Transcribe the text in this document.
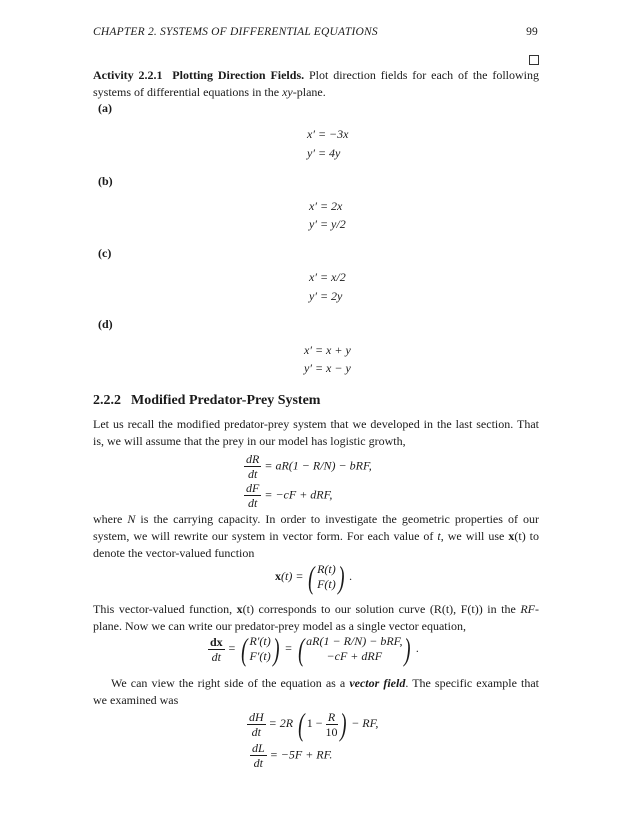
CHAPTER 2. SYSTEMS OF DIFFERENTIAL EQUATIONS	99
Activity 2.2.1 Plotting Direction Fields. Plot direction fields for each of the following
systems of differential equations in the xy-plane.
(a)
x′ = −3x
y′ = 4y
(b)
x′ = 2x
y′ = y/2
(c)
x′ = x/2
y′ = 2y
(d)
x′ = x + y
y′ = x − y
2.2.2 Modified Predator-Prey System
Let us recall the modified predator-prey system that we developed in the last section. That
is, we will assume that the prey in our model has logistic growth,
$\frac{dR}{dt} = aR(1 - R/N)$ − bRF,
$\frac{dF}{dt} = -cF$ + dRF,
where N is the carrying capacity. In order to investigate the geometric properties of our
system, we will rewrite our system in vector form. For each value of t, we will use x(t) to
denote the vector-valued function
x(t) = ( R(t)
F(t) ) .
This vector-valued function, x(t) corresponds to our solution curve (R(t), F(t)) in the RF-
plane. Now we can write our predator-prey model as a single vector equation,
$\frac{dx}{dt}$ = ( R′(t)
F′(t) ) = ( aR(1 − R/N) − bRF,
−cF + dRF ) .
We can view the right side of the equation as a vector field. The specific example that
we examined was
$\frac{dH}{dt} = 2R$ ( $1 - \frac{R}{10}$ ) − RF,
$\frac{dL}{dt} = -5F$ + RF.
